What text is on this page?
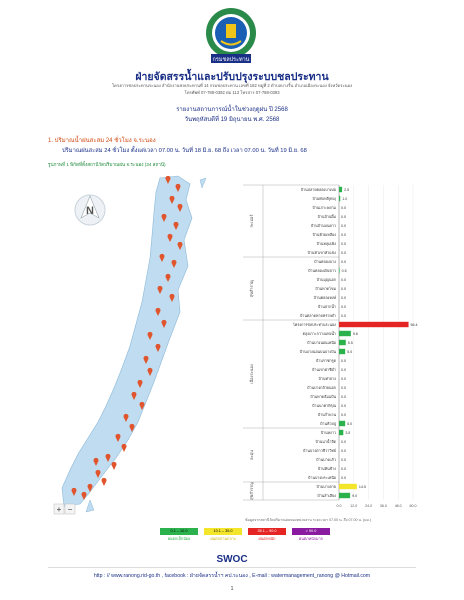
กรมชลประทาน
ฝ่ายจัดสรรน้ำและปรับปรุงระบบชลประทาน
โครงการชลประทานระนอง สำนักงานชลประทานที่ 14 กรมชลประทาน เลขที่ 182 หมู่ที่ 2 ตำบลบางริ้น อำเภอเมืองระนอง จังหวัดระนอง
โทรศัพท์ 07-788-0392 ต่อ 113 โทรสาร 07-788-0393
รายงานสถานการณ์น้ำในช่วงฤดูฝน ปี 2568
วันพฤหัสบดีที่ 19 มิถุนายน พ.ศ. 2568
1. ปริมาณน้ำฝนสะสม 24 ชั่วโมง จ.ระนอง
ปริมาณฝนสะสม 24 ชั่วโมง ตั้งแต่เวลา 07.00 น. วันที่ 18 มิ.ย. 68 ถึง เวลา 07.00 น. วันที่ 19 มิ.ย. 68
รูปภาพที่ 1 พิกัดที่ตั้งสถานีวัดปริมาณฝน จ.ระนอง (34 สถานี)
N
+ −
กะเปอร์
สุขสำราญ
เมืองระนอง
ละอุ่น
สุขสำราญ
บ้านปลายคลองบางบ่อ
บ้านทับหลี(ทบ)
บ้านเกาะพยาม
บ้านบ้านยิ้ม
บ้านบ้านบนดาว
บ้านห้วยเหลือง
บ้านหลุมเพิง
บ้านหัวเขาหัวแข่ง
บ้านคลองบาง
บ้านคลองเงินขาว
บ้านบุญนอก
บ้านหาดโขม
บ้านคลองหงษ์
บ้านปากน้ำ
บ้านตลาดหาดทรายดำ
โครงการชลประทานระนอง
ตลุงเกาะกวางแห่งน้ำ
บ้านบางนอนเหนือ
บ้านบางนอนบนบางปัน
บ้านราชกรูด
บ้านเขาฝาชีดำ
บ้านท่ายาง
บ้านบางกล้วยนอก
บ้านหาดส้มแป้น
บ้านนาคาพิรุณ
บ้านกำพวน
บ้านห้วยปู
บ้านหงาว
บ้านนาน้ำจืด
บ้านบางตาวชีวาวิทย์
บ้านบางแก้ว
บ้านหินช้าง
บ้านบางพระเหนือ
บ้านบางลาย
บ้านลำเลียง
2.5
1.0
0.0
0.0
0.0
0.0
0.0
0.0
0.0
0.5
0.0
0.0
0.0
0.0
0.0
56.4
9.6
5.5
5.0
0.0
0.0
0.0
0.0
0.0
0.0
0.0
5.0
3.5
0.0
0.0
0.0
0.0
0.0
14.5
9.0
0.0 12.0 24.0 36.0 48.0 60.0
ข้อมูลจากสถานีวัดปริมาณฝนของหน่วยงาน ระยะเวลา 07.00 น. ถึง 07.00 น. (มม.)
0.1 – 10.0
ฝนตกเล็กน้อย
10.1 – 35.0
ฝนตกปานกลาง
35.1 – 90.0
ฝนตกหนัก
> 90.0
ฝนตกหนักมาก
SWOC
http : // www.ranong.rid-go.th , facebook : ฝ่ายจัดสรรน้ำฯ คป.ระนอง , E-mail : watermanagement_ranong @ Hotmail.com
1
